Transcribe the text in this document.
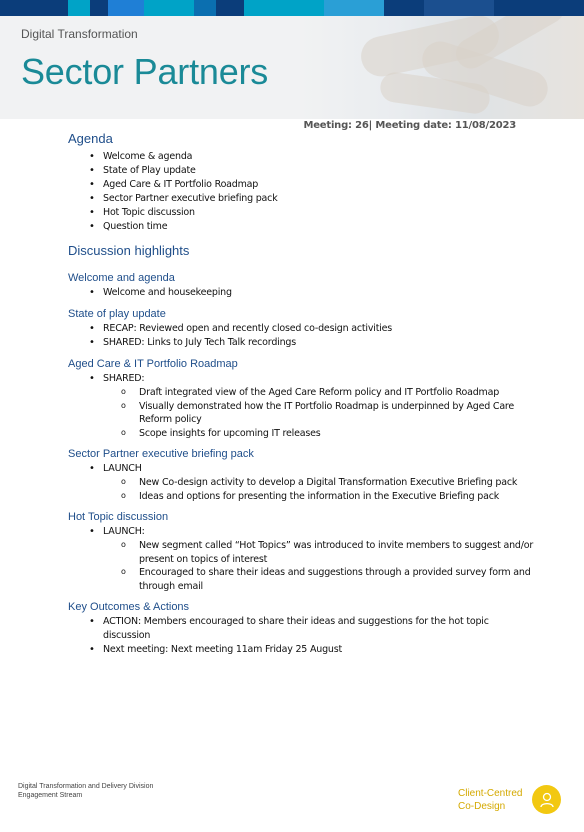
Digital Transformation
Sector Partners
Meeting: 26| Meeting date: 11/08/2023
Agenda
• Welcome & agenda
• State of Play update
• Aged Care & IT Portfolio Roadmap
• Sector Partner executive briefing pack
• Hot Topic discussion
• Question time
Discussion highlights
Welcome and agenda
• Welcome and housekeeping
State of play update
• RECAP: Reviewed open and recently closed co-design activities
• SHARED: Links to July Tech Talk recordings
Aged Care & IT Portfolio Roadmap
• SHARED:
o Draft integrated view of the Aged Care Reform policy and IT Portfolio Roadmap
o Visually demonstrated how the IT Portfolio Roadmap is underpinned by Aged Care Reform policy
o Scope insights for upcoming IT releases
Sector Partner executive briefing pack
• LAUNCH
o New Co-design activity to develop a Digital Transformation Executive Briefing pack
o Ideas and options for presenting the information in the Executive Briefing pack
Hot Topic discussion
• LAUNCH:
o New segment called “Hot Topics” was introduced to invite members to suggest and/or present on topics of interest
o Encouraged to share their ideas and suggestions through a provided survey form and through email
Key Outcomes & Actions
• ACTION: Members encouraged to share their ideas and suggestions for the hot topic discussion
• Next meeting: Next meeting 11am Friday 25 August
Digital Transformation and Delivery Division
Engagement Stream	Client-Centred
Co-Design
